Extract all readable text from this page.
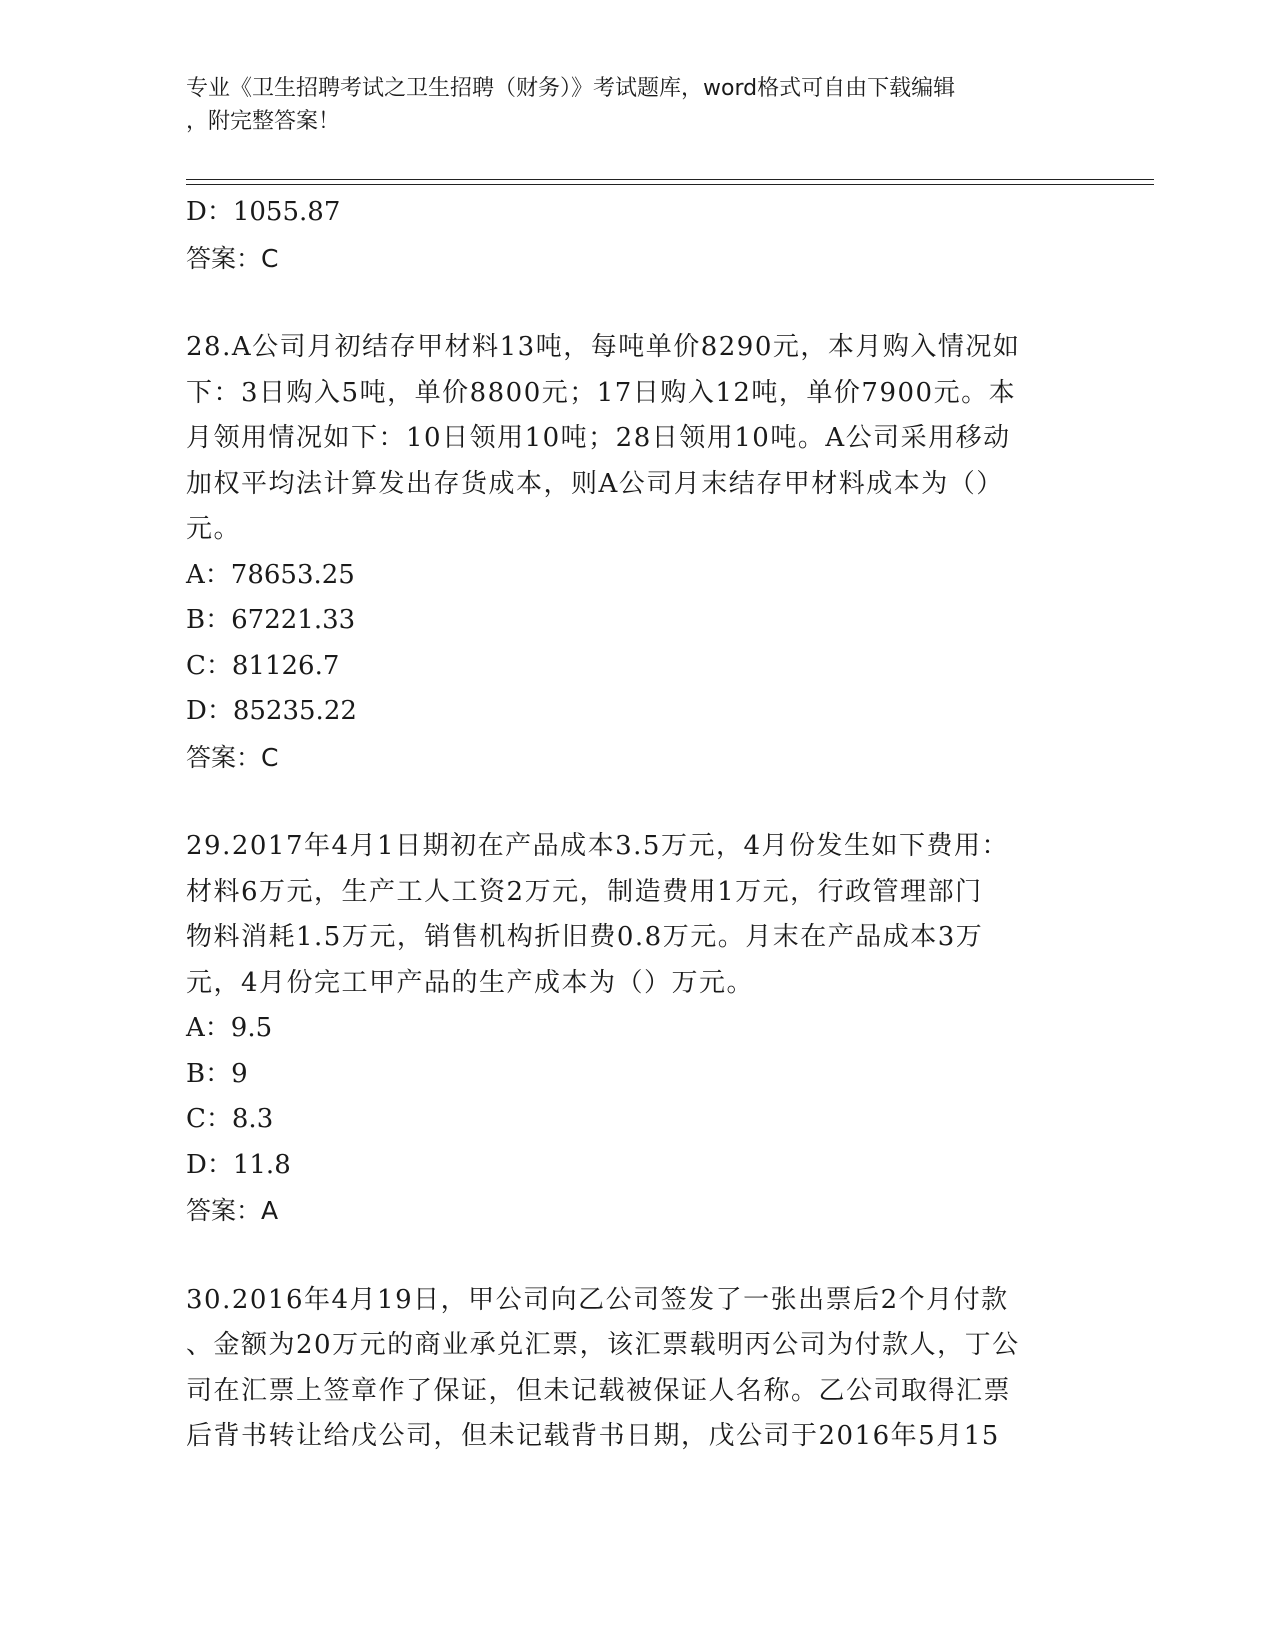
专业《卫生招聘考试之卫生招聘（财务）》考试题库，word格式可自由下载编辑
，附完整答案！
D：1055.87
答案：C
28.A公司月初结存甲材料13吨，每吨单价8290元，本月购入情况如
下：3日购入5吨，单价8800元；17日购入12吨，单价7900元。本
月领用情况如下：10日领用10吨；28日领用10吨。A公司采用移动
加权平均法计算发出存货成本，则A公司月末结存甲材料成本为（）
元。
A：78653.25
B：67221.33
C：81126.7
D：85235.22
答案：C
29.2017年4月1日期初在产品成本3.5万元，4月份发生如下费用：
材料6万元，生产工人工资2万元，制造费用1万元，行政管理部门
物料消耗1.5万元，销售机构折旧费0.8万元。月末在产品成本3万
元，4月份完工甲产品的生产成本为（）万元。
A：9.5
B：9
C：8.3
D：11.8
答案：A
30.2016年4月19日，甲公司向乙公司签发了一张出票后2个月付款
、金额为20万元的商业承兑汇票，该汇票载明丙公司为付款人，丁公
司在汇票上签章作了保证，但未记载被保证人名称。乙公司取得汇票
后背书转让给戊公司，但未记载背书日期，戊公司于2016年5月15
